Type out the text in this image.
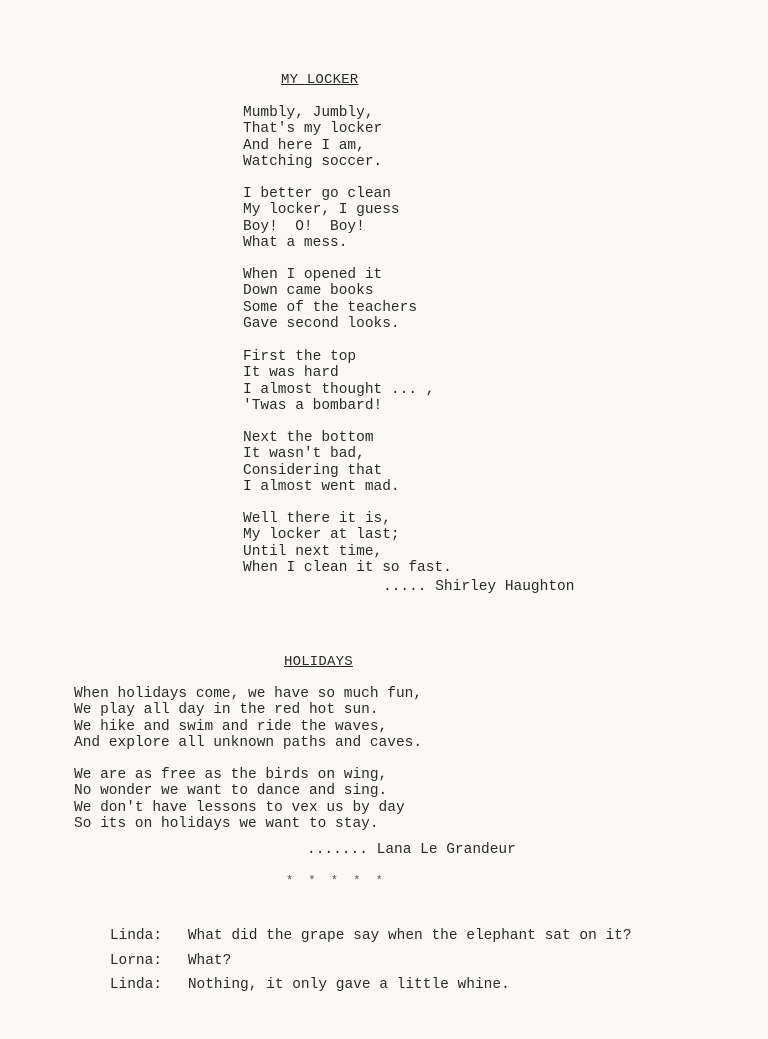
MY LOCKER
Mumbly, Jumbly,
That's my locker
And here I am,
Watching soccer.
I better go clean
My locker, I guess
Boy!  O!  Boy!
What a mess.
When I opened it
Down came books
Some of the teachers
Gave second looks.
First the top
It was hard
I almost thought ... ,
'Twas a bombard!
Next the bottom
It wasn't bad,
Considering that
I almost went mad.
Well there it is,
My locker at last;
Until next time,
When I clean it so fast.
..... Shirley Haughton
HOLIDAYS
When holidays come, we have so much fun,
We play all day in the red hot sun.
We hike and swim and ride the waves,
And explore all unknown paths and caves.
We are as free as the birds on wing,
No wonder we want to dance and sing.
We don't have lessons to vex us by day
So its on holidays we want to stay.
....... Lana Le Grandeur
* * * * *

Linda: What did the grape say when the elephant sat on it?

Lorna: What?

Linda: Nothing, it only gave a little whine.
